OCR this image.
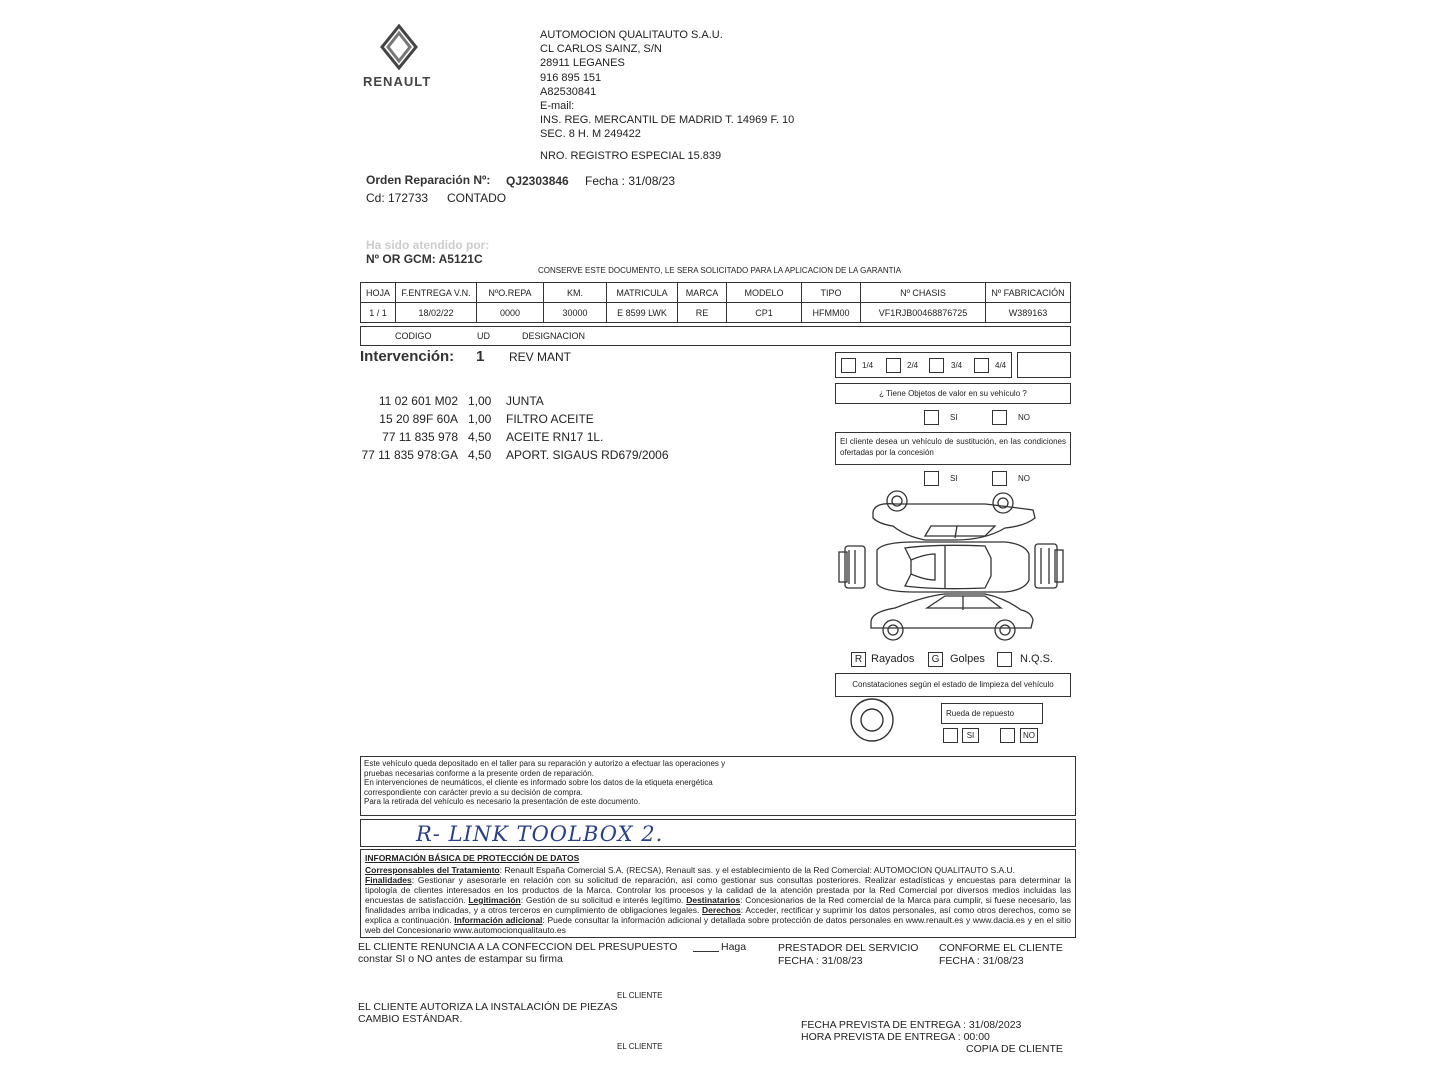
RENAULT
AUTOMOCION QUALITAUTO S.A.U.
CL CARLOS SAINZ, S/N
28911 LEGANES
916 895 151
A82530841
E-mail:
INS. REG. MERCANTIL DE MADRID T. 14969 F. 10
SEC. 8 H. M 249422
NRO. REGISTRO ESPECIAL 15.839
Orden Reparación Nº: QJ2303846 Fecha : 31/08/23
Cd: 172733 CONTADO
Ha sido atendido por:
Nº OR GCM: A5121C
CONSERVE ESTE DOCUMENTO, LE SERA SOLICITADO PARA LA APLICACION DE LA GARANTIA
HOJA	F.ENTREGA V.N.	NºO.REPA	KM.	MATRICULA	MARCA	MODELO	TIPO	Nº CHASIS	Nº FABRICACIÓN
1 / 1	18/02/22	0000	30000	E 8599 LWK	RE	CP1	HFMM00	VF1RJB00468876725	W389163
CODIGO	UD	DESIGNACION
Intervención: 1 REV MANT
11 02 601 M02	1,00	JUNTA
15 20 89F 60A	1,00	FILTRO ACEITE
77 11 835 978	4,50	ACEITE RN17 1L.
77 11 835 978:GA	4,50	APORT. SIGAUS RD679/2006
1/4	2/4	3/4	4/4
¿ Tiene Objetos de valor en su vehículo ?
SI	NO
El cliente desea un vehículo de sustitución, en las condiciones ofertadas por la concesión
SI	NO
R Rayados	G Golpes	N.Q.S.
Constataciones según el estado de limpieza del vehículo
Rueda de repuesto
SI	NO

Este vehículo queda depositado en el taller para su reparación y autorizo a efectuar las operaciones y

pruebas necesarias conforme a la presente orden de reparación.

En intervenciones de neumáticos, el cliente es informado sobre los datos de la etiqueta energética

correspondiente con carácter previo a su decisión de compra.

Para la retirada del vehículo es necesario la presentación de este documento.

R- LINK TOOLBOX 2.

INFORMACIÓN BÁSICA DE PROTECCIÓN DE DATOS

Corresponsables del Tratamiento: Renault España Comercial S.A. (RECSA), Renault sas. y el establecimiento de la Red Comercial: AUTOMOCION QUALITAUTO S.A.U.

Finalidades: Gestionar y asesorarle en relación con su solicitud de reparación, así como gestionar sus consultas posteriores. Realizar estadísticas y encuestas para determinar la tipología de clientes interesados en los productos de la Marca. Controlar los procesos y la calidad de la atención prestada por la Red Comercial por diversos medios incluidas las encuestas de satisfacción. Legitimación: Gestión de su solicitud e interés legítimo. Destinatarios: Concesionarios de la Red comercial de la Marca para cumplir, si fuese necesario, las finalidades arriba indicadas, y a otros terceros en cumplimiento de obligaciones legales. Derechos: Acceder, rectificar y suprimir los datos personales, así como otros derechos, como se explica a continuación. Información adicional: Puede consultar la información adicional y detallada sobre protección de datos personales en www.renault.es y www.dacia.es y en el sitio web del Concesionario www.automocionqualitauto.es

EL CLIENTE RENUNCIA A LA CONFECCION DEL PRESUPUESTO	Haga
constar SI o NO antes de estampar su firma
PRESTADOR DEL SERVICIO
FECHA : 31/08/23
CONFORME EL CLIENTE
FECHA : 31/08/23
EL CLIENTE
EL CLIENTE AUTORIZA LA INSTALACIÓN DE PIEZAS
CAMBIO ESTÁNDAR.
EL CLIENTE
FECHA PREVISTA DE ENTREGA : 31/08/2023
HORA PREVISTA DE ENTREGA : 00:00
COPIA DE CLIENTE
